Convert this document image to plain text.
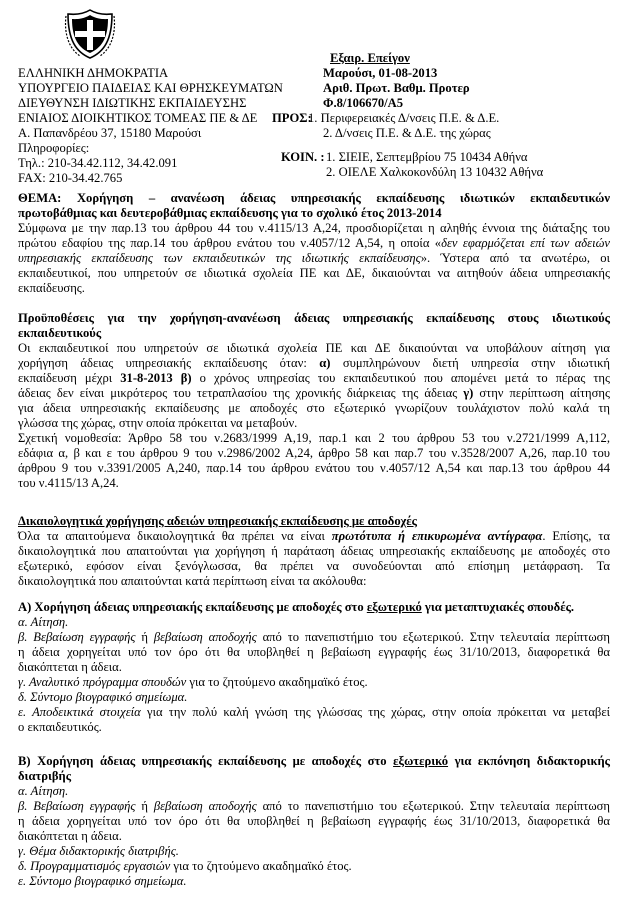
ΕΛΛΗΝΙΚΗ ΔΗΜΟΚΡΑΤΙΑ
ΥΠΟΥΡΓΕΙΟ ΠΑΙΔΕΙΑΣ ΚΑΙ ΘΡΗΣΚΕΥΜΑΤΩΝ
ΔΙΕΥΘΥΝΣΗ ΙΔΙΩΤΙΚΗΣ ΕΚΠΑΙΔΕΥΣΗΣ
ΕΝΙΑΙΟΣ ΔΙΟΙΚΗΤΙΚΟΣ ΤΟΜΕΑΣ ΠΕ & ΔΕ
Α. Παπανδρέου 37, 15180 Μαρούσι
Πληροφορίες:
Τηλ.: 210-34.42.112, 34.42.091
FAX: 210-34.42.765
Εξαιρ. Επείγον
Μαρούσι, 01-08-2013
Αριθ. Πρωτ. Βαθμ. Προτερ
Φ.8/106670/Α5
ΠΡΟΣ:
1. Περιφερειακές Δ/νσεις Π.Ε. & Δ.Ε.
2. Δ/νσεις Π.Ε. & Δ.Ε. της χώρας
ΚΟΙΝ. : 1. ΣΙΕΙΕ, Σεπτεμβρίου 75 10434 Αθήνα
2. ΟΙΕΛΕ Χαλκοκονδύλη 13 10432 Αθήνα
ΘΕΜΑ: Χορήγηση – ανανέωση άδειας υπηρεσιακής εκπαίδευσης ιδιωτικών εκπαιδευτικών
πρωτοβάθμιας και δευτεροβάθμιας εκπαίδευσης για το σχολικό έτος 2013-2014
Σύμφωνα με την παρ.13 του άρθρου 44 του ν.4115/13 Α,24, προσδιορίζεται η αληθής έννοια της διάταξης του
πρώτου εδαφίου της παρ.14 του άρθρου ενάτου του ν.4057/12 Α,54, η οποία «δεν εφαρμόζεται επί των αδειών
υπηρεσιακής εκπαίδευσης των εκπαιδευτικών της ιδιωτικής εκπαίδευσης». Ύστερα από τα ανωτέρω, οι
εκπαιδευτικοί, που υπηρετούν σε ιδιωτικά σχολεία ΠΕ και ΔΕ, δικαιούνται να αιτηθούν άδεια υπηρεσιακής
εκπαίδευσης.
Προϋποθέσεις για την χορήγηση-ανανέωση άδειας υπηρεσιακής εκπαίδευσης στους ιδιωτικούς
εκπαιδευτικούς
Οι εκπαιδευτικοί που υπηρετούν σε ιδιωτικά σχολεία ΠΕ και ΔΕ δικαιούνται να υποβάλουν αίτηση για
χορήγηση άδειας υπηρεσιακής εκπαίδευσης όταν: α) συμπληρώνουν διετή υπηρεσία στην ιδιωτική
εκπαίδευση μέχρι 31-8-2013 β) ο χρόνος υπηρεσίας του εκπαιδευτικού που απομένει μετά το πέρας της
άδειας δεν είναι μικρότερος του τετραπλασίου της χρονικής διάρκειας της άδειας γ) στην περίπτωση αίτησης
για άδεια υπηρεσιακής εκπαίδευσης με αποδοχές στο εξωτερικό γνωρίζουν τουλάχιστον πολύ καλά τη
γλώσσα της χώρας, στην οποία πρόκειται να μεταβούν.
Σχετική νομοθεσία: Άρθρο 58 του ν.2683/1999 Α,19, παρ.1 και 2 του άρθρου 53 του ν.2721/1999 Α,112,
εδάφια α, β και ε του άρθρου 9 του ν.2986/2002 Α,24, άρθρο 58 και παρ.7 του ν.3528/2007 Α,26, παρ.10 του
άρθρου 9 του ν.3391/2005 Α,240, παρ.14 του άρθρου ενάτου του ν.4057/12 Α,54 και παρ.13 του άρθρου 44
του ν.4115/13 Α,24.
Δικαιολογητικά χορήγησης αδειών υπηρεσιακής εκπαίδευσης με αποδοχές
Όλα τα απαιτούμενα δικαιολογητικά θα πρέπει να είναι πρωτότυπα ή επικυρωμένα αντίγραφα. Επίσης, τα
δικαιολογητικά που απαιτούνται για χορήγηση ή παράταση άδειας υπηρεσιακής εκπαίδευσης με αποδοχές στο
εξωτερικό, εφόσον είναι ξενόγλωσσα, θα πρέπει να συνοδεύονται από επίσημη μετάφραση. Τα
δικαιολογητικά που απαιτούνται κατά περίπτωση είναι τα ακόλουθα:
Α) Χορήγηση άδειας υπηρεσιακής εκπαίδευσης με αποδοχές στο εξωτερικό για μεταπτυχιακές σπουδές.
α. Αίτηση.
β. Βεβαίωση εγγραφής ή βεβαίωση αποδοχής από το πανεπιστήμιο του εξωτερικού. Στην τελευταία περίπτωση
η άδεια χορηγείται υπό τον όρο ότι θα υποβληθεί η βεβαίωση εγγραφής έως 31/10/2013, διαφορετικά θα
διακόπτεται η άδεια.
γ. Αναλυτικό πρόγραμμα σπουδών για το ζητούμενο ακαδημαϊκό έτος.
δ. Σύντομο βιογραφικό σημείωμα.
ε. Αποδεικτικά στοιχεία για την πολύ καλή γνώση της γλώσσας της χώρας, στην οποία πρόκειται να μεταβεί
ο εκπαιδευτικός.
Β) Χορήγηση άδειας υπηρεσιακής εκπαίδευσης με αποδοχές στο εξωτερικό για εκπόνηση διδακτορικής
διατριβής
α. Αίτηση.
β. Βεβαίωση εγγραφής ή βεβαίωση αποδοχής από το πανεπιστήμιο του εξωτερικού. Στην τελευταία περίπτωση
η άδεια χορηγείται υπό τον όρο ότι θα υποβληθεί η βεβαίωση εγγραφής έως 31/10/2013, διαφορετικά θα
διακόπτεται η άδεια.
γ. Θέμα διδακτορικής διατριβής.
δ. Προγραμματισμός εργασιών για το ζητούμενο ακαδημαϊκό έτος.
ε. Σύντομο βιογραφικό σημείωμα.
